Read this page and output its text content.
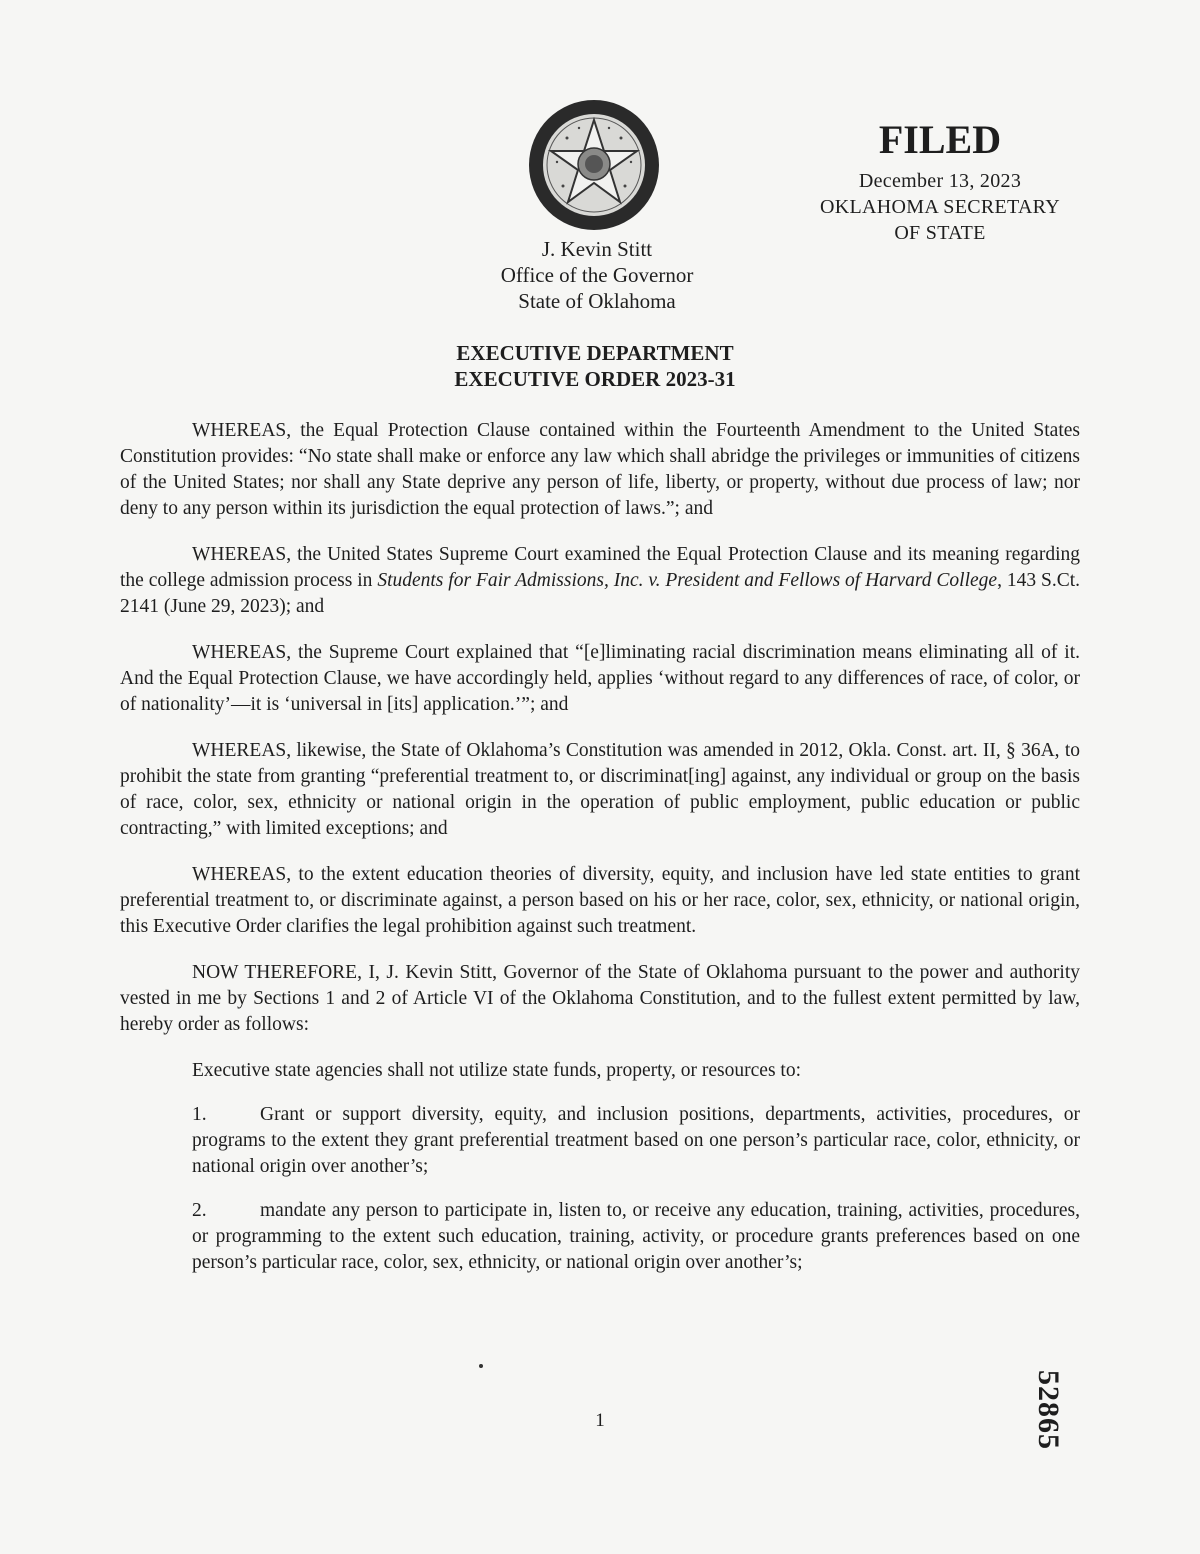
FILED
December 13, 2023
OKLAHOMA SECRETARY
OF STATE
J. Kevin Stitt
Office of the Governor
State of Oklahoma
EXECUTIVE DEPARTMENT
EXECUTIVE ORDER 2023-31

WHEREAS, the Equal Protection Clause contained within the Fourteenth Amendment to the United States Constitution provides: “No state shall make or enforce any law which shall abridge the privileges or immunities of citizens of the United States; nor shall any State deprive any person of life, liberty, or property, without due process of law; nor deny to any person within its jurisdiction the equal protection of laws.”; and

WHEREAS, the United States Supreme Court examined the Equal Protection Clause and its meaning regarding the college admission process in Students for Fair Admissions, Inc. v. President and Fellows of Harvard College, 143 S.Ct. 2141 (June 29, 2023); and

WHEREAS, the Supreme Court explained that “[e]liminating racial discrimination means eliminating all of it. And the Equal Protection Clause, we have accordingly held, applies ‘without regard to any differences of race, of color, or of nationality’—it is ‘universal in [its] application.’”; and

WHEREAS, likewise, the State of Oklahoma’s Constitution was amended in 2012, Okla. Const. art. II, § 36A, to prohibit the state from granting “preferential treatment to, or discriminat[ing] against, any individual or group on the basis of race, color, sex, ethnicity or national origin in the operation of public employment, public education or public contracting,” with limited exceptions; and

WHEREAS, to the extent education theories of diversity, equity, and inclusion have led state entities to grant preferential treatment to, or discriminate against, a person based on his or her race, color, sex, ethnicity, or national origin, this Executive Order clarifies the legal prohibition against such treatment.

NOW THEREFORE, I, J. Kevin Stitt, Governor of the State of Oklahoma pursuant to the power and authority vested in me by Sections 1 and 2 of Article VI of the Oklahoma Constitution, and to the fullest extent permitted by law, hereby order as follows:

Executive state agencies shall not utilize state funds, property, or resources to:

1.	Grant or support diversity, equity, and inclusion positions, departments, activities, procedures, or programs to the extent they grant preferential treatment based on one person’s particular race, color, ethnicity, or national origin over another’s;

2.	mandate any person to participate in, listen to, or receive any education, training, activities, procedures, or programming to the extent such education, training, activity, or procedure grants preferences based on one person’s particular race, color, sex, ethnicity, or national origin over another’s;

1	52865
